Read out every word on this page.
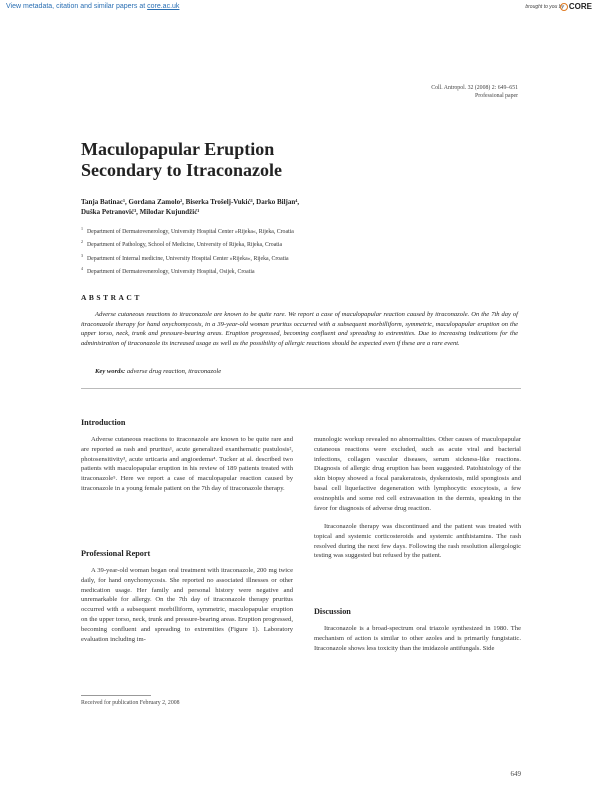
View metadata, citation and similar papers at core.ac.uk	brought to you by CORE
Coll. Antropol. 32 (2008) 2: 649–651
Professional paper
Maculopapular Eruption
Secondary to Itraconazole
Tanja Batinac¹, Gordana Zamolo², Biserka Trošelj-Vukić³, Darko Biljan⁴,
Duška Petranović³, Milodar Kujundžić¹
$^1$Department of Dermatovenerology, University Hospital Center »Rijeka«, Rijeka, Croatia
$^2$Department of Pathology, School of Medicine, University of Rijeka, Rijeka, Croatia
$^3$Department of Internal medicine, University Hospital Center »Rijeka«, Rijeka, Croatia
$^4$Department of Dermatovenerology, University Hospital, Osijek, Croatia
ABSTRACT
Adverse cutaneous reactions to itraconazole are known to be quite rare. We report a case of maculopapular reaction caused by itraconazole. On the 7th day of itraconazole therapy for hand onychomycosis, in a 39-year-old woman pruritus occurred with a subsequent morbilliform, symmetric, maculopapular eruption on the upper torso, neck, trunk and pressure-bearing areas. Eruption progressed, becoming confluent and spreading to extremities. Due to increasing indications for the administration of itraconazole its increased usage as well as the possibility of allergic reactions should be expected even if these are a rare event.
Key words: adverse drug reaction, itraconazole
Introduction

Adverse cutaneous reactions to itraconazole are known to be quite rare and are reported as rash and pruritus¹, acute generalized exanthematic pustulosis², photosensitivity³, acute urticaria and angioedema⁴. Tucker at al. described two patients with maculopapular eruption in his review of 189 patients treated with itraconazole⁵. Here we report a case of maculopapular reaction caused by itraconazole in a young female patient on the 7th day of itraconazole therapy.

Professional Report

A 39-year-old woman began oral treatment with itraconazole, 200 mg twice daily, for hand onychomycosis. She reported no associated illnesses or other medication usage. Her family and personal history were negative and unremarkable for allergy. On the 7th day of itraconazole therapy pruritus occurred with a subsequent morbilliform, symmetric, maculopapular eruption on the upper torso, neck, trunk and pressure-bearing areas. Eruption progressed, becoming confluent and spreading to extremities (Figure 1). Laboratory evaluation including im-

munologic workup revealed no abnormalities. Other causes of maculopapular cutaneous reactions were excluded, such as acute viral and bacterial infections, collagen vascular diseases, serum sickness-like reactions. Diagnosis of allergic drug eruption has been suggested. Patohistology of the skin biopsy showed a focal parakeratosis, dyskeratosis, mild spongiosis and basal cell liquefactive degeneration with lymphocytic exocytosis, a few eosinophils and some red cell extravasation in the dermis, speaking in the favor for diagnosis of adverse drug reaction.

Itraconazole therapy was discontinued and the patient was treated with topical and systemic corticosteroids and systemic antihistamins. The rash resolved during the next few days. Following the rash resolution allergologic testing was suggested but refused by the patient.

Discussion

Itraconazole is a broad-spectrum oral triazole synthesized in 1980. The mechanism of action is similar to other azoles and is primarily fungistatic. Itraconazole shows less toxicity than the imidazole antifungals. Side

Received for publication February 2, 2008
649
